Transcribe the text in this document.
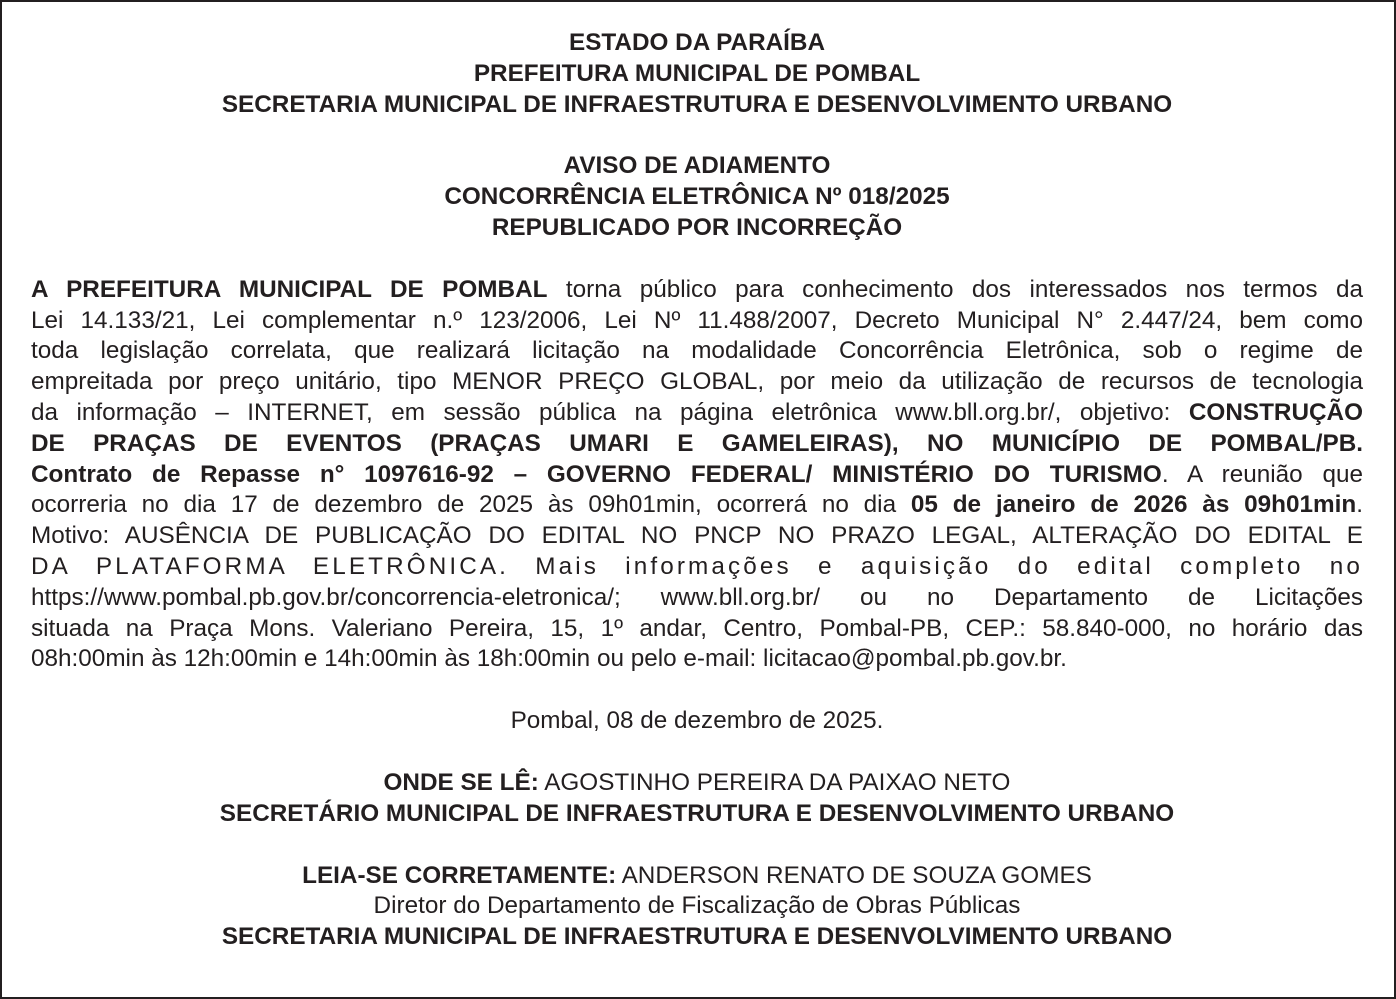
ESTADO DA PARAÍBA
PREFEITURA MUNICIPAL DE POMBAL
SECRETARIA MUNICIPAL DE INFRAESTRUTURA E DESENVOLVIMENTO URBANO
AVISO DE ADIAMENTO
CONCORRÊNCIA ELETRÔNICA Nº 018/2025
REPUBLICADO POR INCORREÇÃO
A PREFEITURA MUNICIPAL DE POMBAL torna público para conhecimento dos interessados nos termos da
Lei 14.133/21, Lei complementar n.º 123/2006, Lei Nº 11.488/2007, Decreto Municipal N° 2.447/24, bem como
toda legislação correlata, que realizará licitação na modalidade Concorrência Eletrônica, sob o regime de
empreitada por preço unitário, tipo MENOR PREÇO GLOBAL, por meio da utilização de recursos de tecnologia
da informação – INTERNET, em sessão pública na página eletrônica www.bll.org.br/, objetivo: CONSTRUÇÃO
DE PRAÇAS DE EVENTOS (PRAÇAS UMARI E GAMELEIRAS), NO MUNICÍPIO DE POMBAL/PB.
Contrato de Repasse n° 1097616-92 – GOVERNO FEDERAL/ MINISTÉRIO DO TURISMO. A reunião que
ocorreria no dia 17 de dezembro de 2025 às 09h01min, ocorrerá no dia 05 de janeiro de 2026 às 09h01min.
Motivo: AUSÊNCIA DE PUBLICAÇÃO DO EDITAL NO PNCP NO PRAZO LEGAL, ALTERAÇÃO DO EDITAL E
DA PLATAFORMA ELETRÔNICA. Mais informações e aquisição do edital completo no
https://www.pombal.pb.gov.br/concorrencia-eletronica/; www.bll.org.br/ ou no Departamento de Licitações
situada na Praça Mons. Valeriano Pereira, 15, 1º andar, Centro, Pombal-PB, CEP.: 58.840-000, no horário das
08h:00min às 12h:00min e 14h:00min às 18h:00min ou pelo e-mail: licitacao@pombal.pb.gov.br.
Pombal, 08 de dezembro de 2025.
ONDE SE LÊ: AGOSTINHO PEREIRA DA PAIXAO NETO
SECRETÁRIO MUNICIPAL DE INFRAESTRUTURA E DESENVOLVIMENTO URBANO
LEIA-SE CORRETAMENTE: ANDERSON RENATO DE SOUZA GOMES
Diretor do Departamento de Fiscalização de Obras Públicas
SECRETARIA MUNICIPAL DE INFRAESTRUTURA E DESENVOLVIMENTO URBANO
